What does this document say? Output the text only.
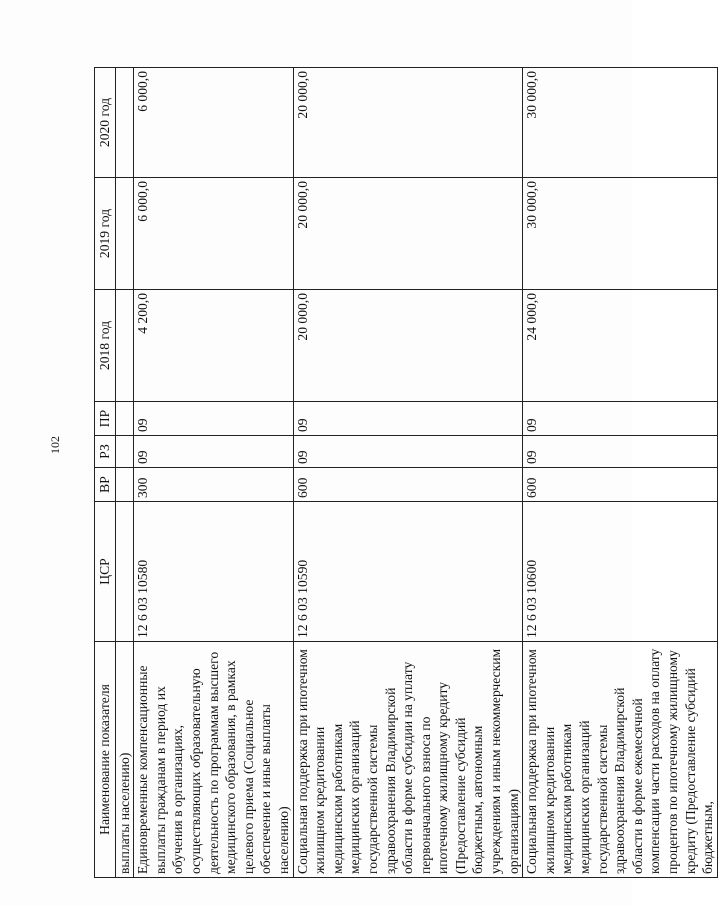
102
Наименование показателя	ЦСР	ВР	РЗ	ПР	2018 год	2019 год	2020 год
выплаты населению)							
Единовременные компенсационные выплаты гражданам в период их обучения в организациях, осуществляющих образовательную деятельность по программам высшего медицинского образования, в рамках целевого приема (Социальное обеспечение и иные выплаты населению)	12 6 03 10580	300	09	09	4 200,0	6 000,0	6 000,0
Социальная поддержка при ипотечном жилищном кредитовании медицинским работникам медицинских организаций государственной системы здравоохранения Владимирской области в форме субсидии на уплату первоначального взноса по ипотечному жилищному кредиту (Предоставление субсидий бюджетным, автономным учреждениям и иным некоммерческим организациям)	12 6 03 10590	600	09	09	20 000,0	20 000,0	20 000,0
Социальная поддержка при ипотечном жилищном кредитовании медицинским работникам медицинских организаций государственной системы здравоохранения Владимирской области в форме ежемесячной компенсации части расходов на оплату процентов по ипотечному жилищному кредиту (Предоставление субсидий бюджетным,	12 6 03 10600	600	09	09	24 000,0	30 000,0	30 000,0
